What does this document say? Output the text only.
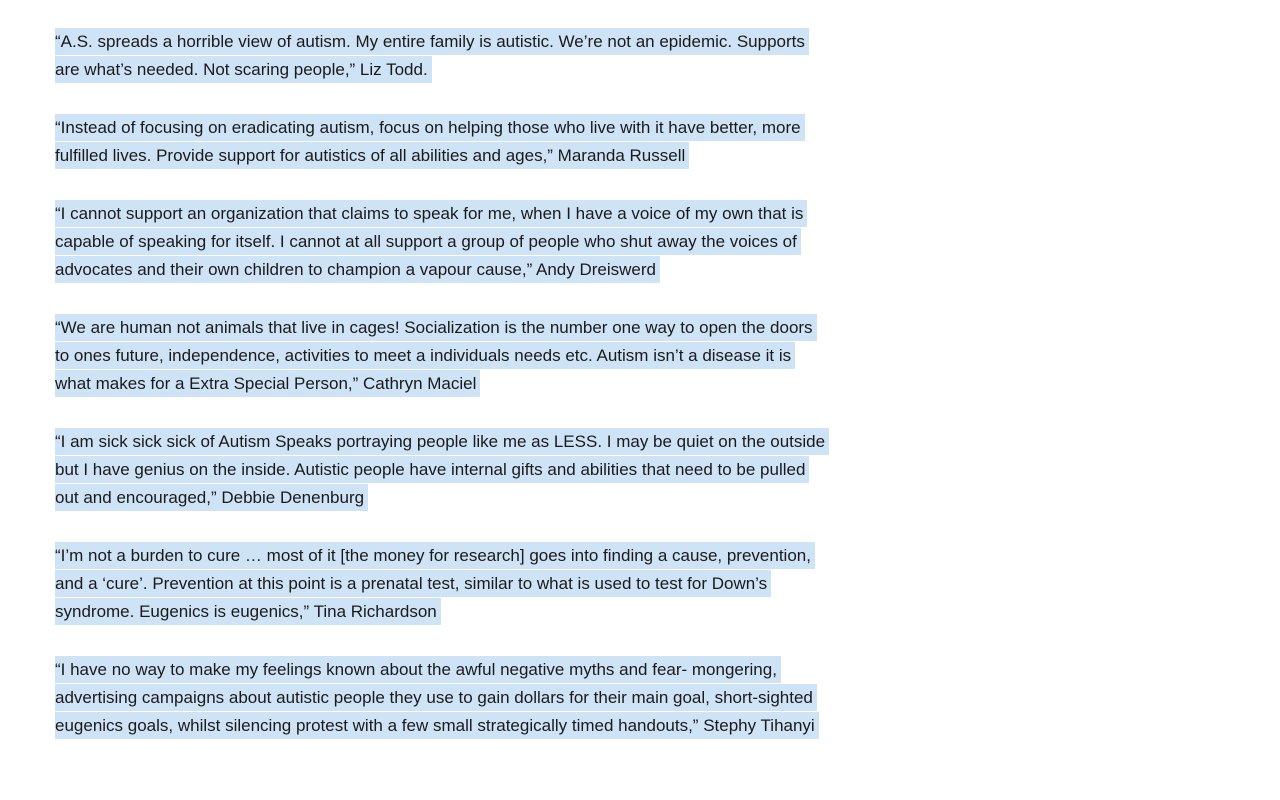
“A.S. spreads a horrible view of autism. My entire family is autistic. We’re not an epidemic. Supports are what’s needed. Not scaring people,” Liz Todd.

“Instead of focusing on eradicating autism, focus on helping those who live with it have better, more fulfilled lives. Provide support for autistics of all abilities and ages,” Maranda Russell

“I cannot support an organization that claims to speak for me, when I have a voice of my own that is capable of speaking for itself. I cannot at all support a group of people who shut away the voices of advocates and their own children to champion a vapour cause,” Andy Dreiswerd

“We are human not animals that live in cages! Socialization is the number one way to open the doors to ones future, independence, activities to meet a individuals needs etc. Autism isn’t a disease it is what makes for a Extra Special Person,” Cathryn Maciel

“I am sick sick sick of Autism Speaks portraying people like me as LESS. I may be quiet on the outside but I have genius on the inside. Autistic people have internal gifts and abilities that need to be pulled out and encouraged,” Debbie Denenburg

“I’m not a burden to cure … most of it [the money for research] goes into finding a cause, prevention, and a ‘cure’. Prevention at this point is a prenatal test, similar to what is used to test for Down’s syndrome. Eugenics is eugenics,” Tina Richardson

“I have no way to make my feelings known about the awful negative myths and fear- mongering, advertising campaigns about autistic people they use to gain dollars for their main goal, short-sighted eugenics goals, whilst silencing protest with a few small strategically timed handouts,” Stephy Tihanyi
